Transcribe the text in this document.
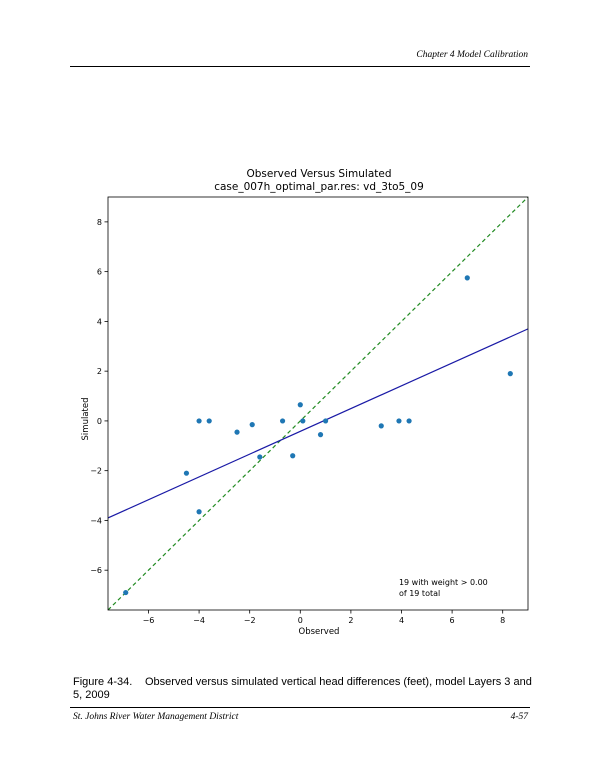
Chapter 4 Model Calibration
Observed Versus Simulated
case_007h_optimal_par.res: vd_3to5_09
−6	−4	−2	0	2	4	6	8
−6
−4
−2
0
2
4
6
8
19 with weight > 0.00
of 19 total
Observed
Simulated
Figure 4-34. Observed versus simulated vertical head differences (feet), model Layers 3 and 5, 2009
St. Johns River Water Management District	4-57
